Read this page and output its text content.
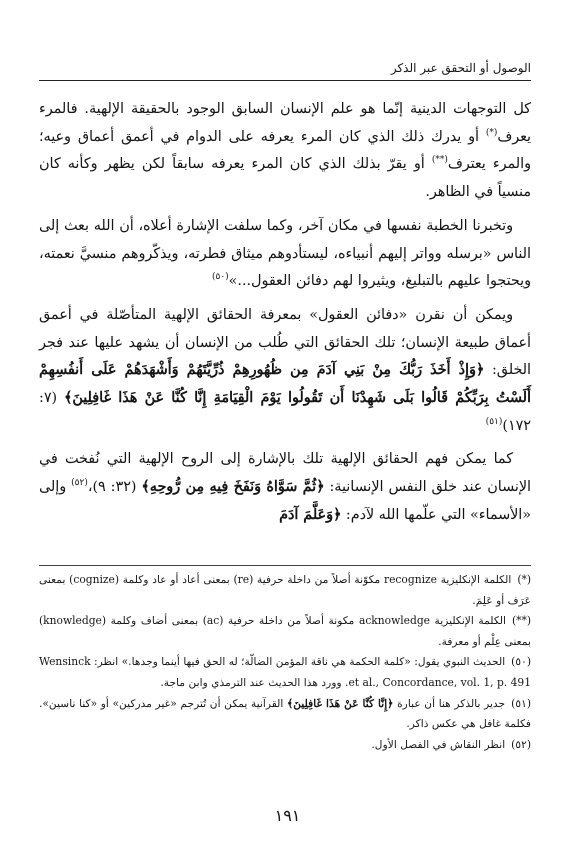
الوصول أو التحقق عبر الذكر

كل التوجهات الدينية إنّما هو علم الإنسان السابق الوجود بالحقيقة الإلهية. فالمرء يعرف(*) أو يدرك ذلك الذي كان المرء يعرفه على الدوام في أعمق أعماق وعيه؛ والمرء يعترف(**) أو يقرّ بذلك الذي كان المرء يعرفه سابقاً لكن يظهر وكأنه كان منسياً في الظاهر.

وتخبرنا الخطبة نفسها في مكان آخر، وكما سلفت الإشارة أعلاه، أن الله بعث إلى الناس «برسله وواتر إليهم أنبياءه، ليستأدوهم ميثاق فطرته، ويذكّروهم منسيَّ نعمته، ويحتجوا عليهم بالتبليغ، ويثيروا لهم دفائن العقول...»$^{(٥٠)}$

ويمكن أن نقرن «دفائن العقول» بمعرفة الحقائق الإلهية المتأصّلة في أعمق أعماق طبيعة الإنسان؛ تلك الحقائق التي طُلب من الإنسان أن يشهد عليها عند فجر الخلق: ﴿وَإِذْ أَخَذَ رَبُّكَ مِنْ بَنِي آدَمَ مِن ظُهُورِهِمْ ذُرِّيَّتَهُمْ وَأَشْهَدَهُمْ عَلَى أَنفُسِهِمْ أَلَسْتُ بِرَبِّكُمْ قَالُوا بَلَى شَهِدْنَا أَن تَقُولُوا يَوْمَ الْقِيَامَةِ إِنَّا كُنَّا عَنْ هَذَا غَافِلِينَ﴾ (٧: ١٧٢)$^{(٥١)}$

كما يمكن فهم الحقائق الإلهية تلك بالإشارة إلى الروح الإلهية التي نُفخت في الإنسان عند خلق النفس الإنسانية: ﴿ثُمَّ سَوَّاهُ وَنَفَخَ فِيهِ مِن رُّوحِهِ﴾ (٣٢: ٩)،$^{(٥٢)}$ وإلى «الأسماء» التي علّمها الله لآدم: ﴿وَعَلَّمَ آدَمَ

(*)الكلمة الإنكليزية recognize مكوّنة أصلاً من داخلة حرفية (re) بمعنى أعاد أو عاد وكلمة (cognize) بمعنى عَرَف أو عَلِمَ.

(**)الكلمة الإنكليزية acknowledge مكونة أصلاً من داخلة حرفية (ac) بمعنى أضاف وكلمة (knowledge) بمعنى عِلْم أو معرفة.

(٥٠)الحديث النبوي يقول: «كلمة الحكمة هي ناقة المؤمن الضالّة؛ له الحق فيها أينما وجدها.» انظر: Wensinck et al., Concordance, vol. 1, p. 491. وورد هذا الحديث عند الترمذي وابن ماجة.

(٥١)جدير بالذكر هنا أن عبارة ﴿إِنَّا كُنَّا عَنْ هَذَا غَافِلِينَ﴾ القرآنية يمكن أن تُترجم «غير مدركين» أو «كنا ناسين». فكلمة غافل هي عكس ذاكر.

(٥٢)انظر النقاش في الفصل الأول.

١٩١
